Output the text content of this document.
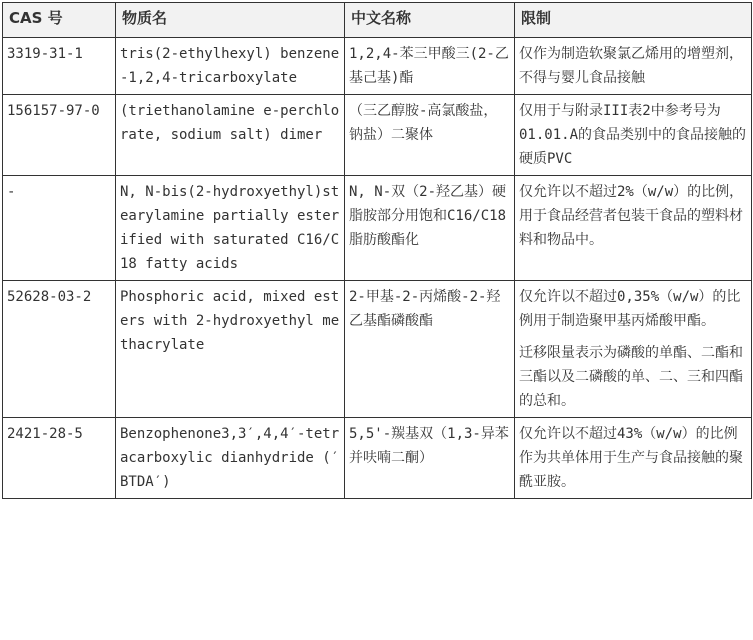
CAS 号	物质名	中文名称	限制
3319-31-1	tris(2-ethylhexyl) benzene-1,2,4-tricarboxylate	1,2,4-苯三甲酸三(2-乙基己基)酯	仅作为制造软聚氯乙烯用的增塑剂，不得与婴儿食品接触

156157-97-0	(triethanolamine e-perchlorate, sodium salt) dimer	（三乙醇胺-高氯酸盐，钠盐）二聚体	仅用于与附录III表2中参考号为01.01.A的食品类别中的食品接触的硬质PVC

-	N, N-bis(2-hydroxyethyl)stearylamine partially esterified with saturated C16/C18 fatty acids	N, N-双（2-羟乙基）硬脂胺部分用饱和C16/C18脂肪酸酯化	仅允许以不超过2%（w/w）的比例，用于食品经营者包装干食品的塑料材料和物品中。

52628-03-2	Phosphoric acid, mixed esters with 2-hydroxyethyl methacrylate	2-甲基-2-丙烯酸-2-羟乙基酯磷酸酯	仅允许以不超过0,35%（w/w）的比例用于制造聚甲基丙烯酸甲酯。

迁移限量表示为磷酸的单酯、二酯和三酯以及二磷酸的单、二、三和四酯的总和。

2421-28-5	Benzophenone3,3′,4,4′-tetracarboxylic dianhydride (′BTDA′)	5,5'-羰基双（1,3-异苯并呋喃二酮）	仅允许以不超过43%（w/w）的比例作为共单体用于生产与食品接触的聚酰亚胺。
